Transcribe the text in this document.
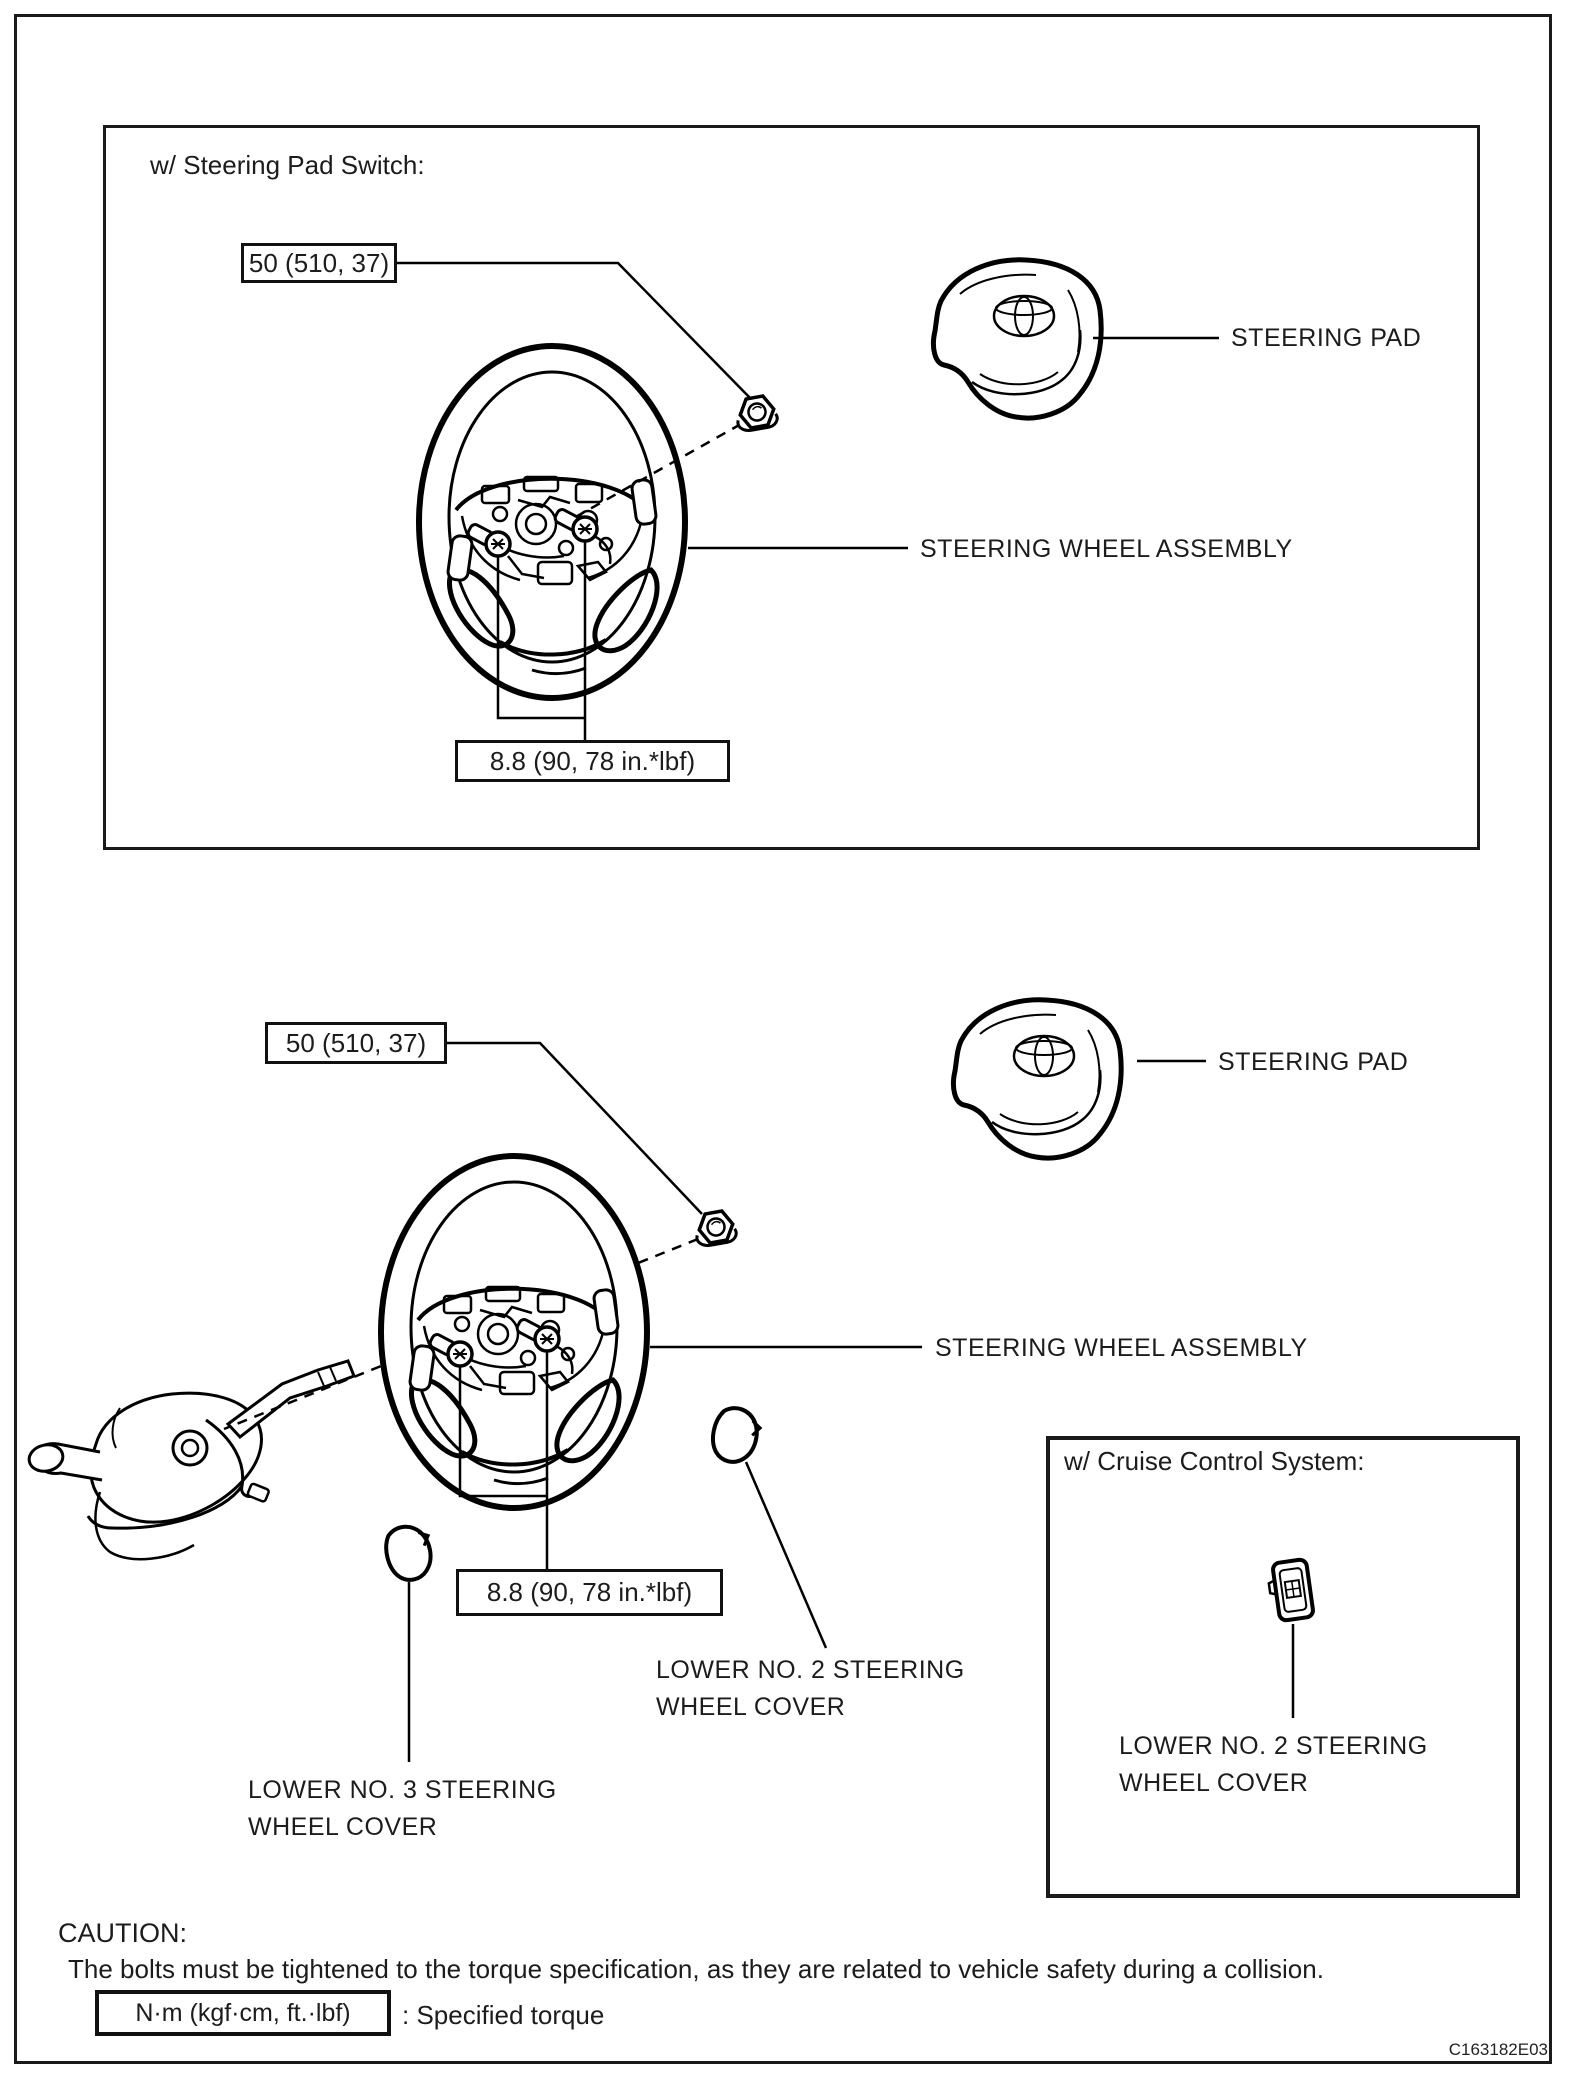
w/ Steering Pad Switch:
50 (510, 37)
8.8 (90, 78 in.*lbf)
STEERING PAD
STEERING WHEEL ASSEMBLY
50 (510, 37)
8.8 (90, 78 in.*lbf)
STEERING PAD
STEERING WHEEL ASSEMBLY
LOWER NO. 2 STEERING
WHEEL COVER
LOWER NO. 3 STEERING
WHEEL COVER
w/ Cruise Control System:
LOWER NO. 2 STEERING
WHEEL COVER
CAUTION:
The bolts must be tightened to the torque specification, as they are related to vehicle safety during a collision.
N·m (kgf·cm, ft.·lbf)	: Specified torque
C163182E03
